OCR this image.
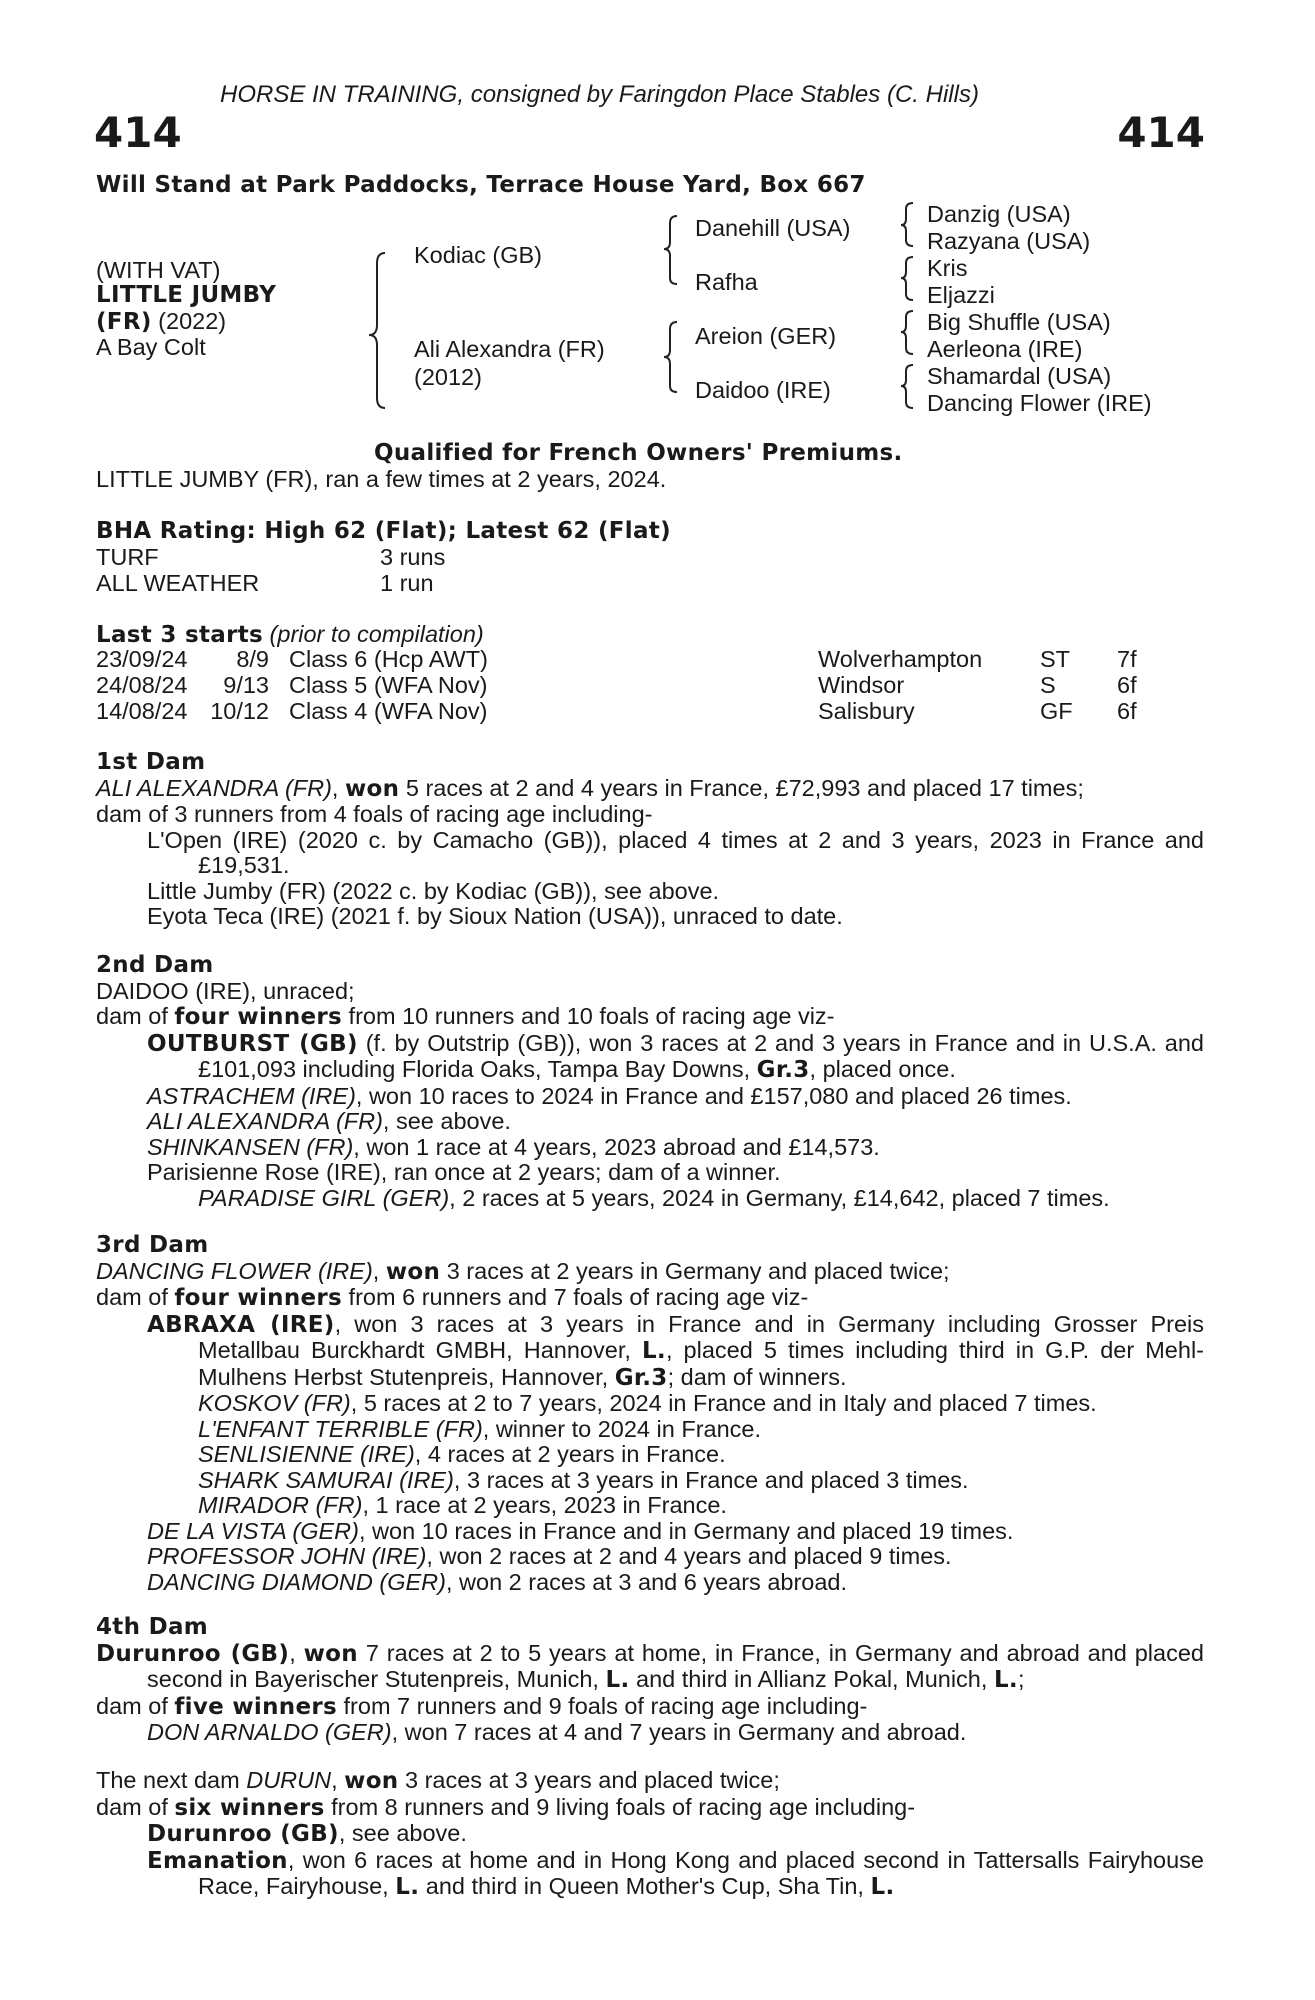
HORSE IN TRAINING, consigned by Faringdon Place Stables (C. Hills)
414	414
Will Stand at Park Paddocks, Terrace House Yard, Box 667
(WITH VAT)
LITTLE JUMBY
(FR) (2022)
A Bay Colt
Kodiac (GB)
Ali Alexandra (FR)
(2012)
Danehill (USA)
Rafha
Areion (GER)
Daidoo (IRE)
Danzig (USA)
Razyana (USA)
Kris
Eljazzi
Big Shuffle (USA)
Aerleona (IRE)
Shamardal (USA)
Dancing Flower (IRE)
Qualified for French Owners' Premiums.
LITTLE JUMBY (FR), ran a few times at 2 years, 2024.
BHA Rating: High 62 (Flat); Latest 62 (Flat)
TURF	3 runs
ALL WEATHER	1 run
Last 3 starts (prior to compilation)
23/09/24 8/9 Class 6 (Hcp AWT)	Wolverhampton ST 7f
24/08/24 9/13 Class 5 (WFA Nov)	Windsor	S	6f
14/08/24 10/12 Class 4 (WFA Nov)	Salisbury	GF 6f
1st Dam
ALI ALEXANDRA (FR), won 5 races at 2 and 4 years in France, £72,993 and placed 17 times;
dam of 3 runners from 4 foals of racing age including-
L'Open (IRE) (2020 c. by Camacho (GB)), placed 4 times at 2 and 3 years, 2023 in France and £19,531.
Little Jumby (FR) (2022 c. by Kodiac (GB)), see above.
Eyota Teca (IRE) (2021 f. by Sioux Nation (USA)), unraced to date.
2nd Dam
DAIDOO (IRE), unraced;
dam of four winners from 10 runners and 10 foals of racing age viz-
OUTBURST (GB) (f. by Outstrip (GB)), won 3 races at 2 and 3 years in France and in U.S.A. and £101,093 including Florida Oaks, Tampa Bay Downs, Gr.3, placed once.
ASTRACHEM (IRE), won 10 races to 2024 in France and £157,080 and placed 26 times.
ALI ALEXANDRA (FR), see above.
SHINKANSEN (FR), won 1 race at 4 years, 2023 abroad and £14,573.
Parisienne Rose (IRE), ran once at 2 years; dam of a winner.
PARADISE GIRL (GER), 2 races at 5 years, 2024 in Germany, £14,642, placed 7 times.
3rd Dam
DANCING FLOWER (IRE), won 3 races at 2 years in Germany and placed twice;
dam of four winners from 6 runners and 7 foals of racing age viz-
ABRAXA (IRE), won 3 races at 3 years in France and in Germany including Grosser Preis Metallbau Burckhardt GMBH, Hannover, L., placed 5 times including third in G.P. der Mehl-Mulhens Herbst Stutenpreis, Hannover, Gr.3; dam of winners.
KOSKOV (FR), 5 races at 2 to 7 years, 2024 in France and in Italy and placed 7 times.
L'ENFANT TERRIBLE (FR), winner to 2024 in France.
SENLISIENNE (IRE), 4 races at 2 years in France.
SHARK SAMURAI (IRE), 3 races at 3 years in France and placed 3 times.
MIRADOR (FR), 1 race at 2 years, 2023 in France.
DE LA VISTA (GER), won 10 races in France and in Germany and placed 19 times.
PROFESSOR JOHN (IRE), won 2 races at 2 and 4 years and placed 9 times.
DANCING DIAMOND (GER), won 2 races at 3 and 6 years abroad.
4th Dam
Durunroo (GB), won 7 races at 2 to 5 years at home, in France, in Germany and abroad and placed second in Bayerischer Stutenpreis, Munich, L. and third in Allianz Pokal, Munich, L.;
dam of five winners from 7 runners and 9 foals of racing age including-
DON ARNALDO (GER), won 7 races at 4 and 7 years in Germany and abroad.
The next dam DURUN, won 3 races at 3 years and placed twice;
dam of six winners from 8 runners and 9 living foals of racing age including-
Durunroo (GB), see above.
Emanation, won 6 races at home and in Hong Kong and placed second in Tattersalls Fairyhouse Race, Fairyhouse, L. and third in Queen Mother's Cup, Sha Tin, L.
